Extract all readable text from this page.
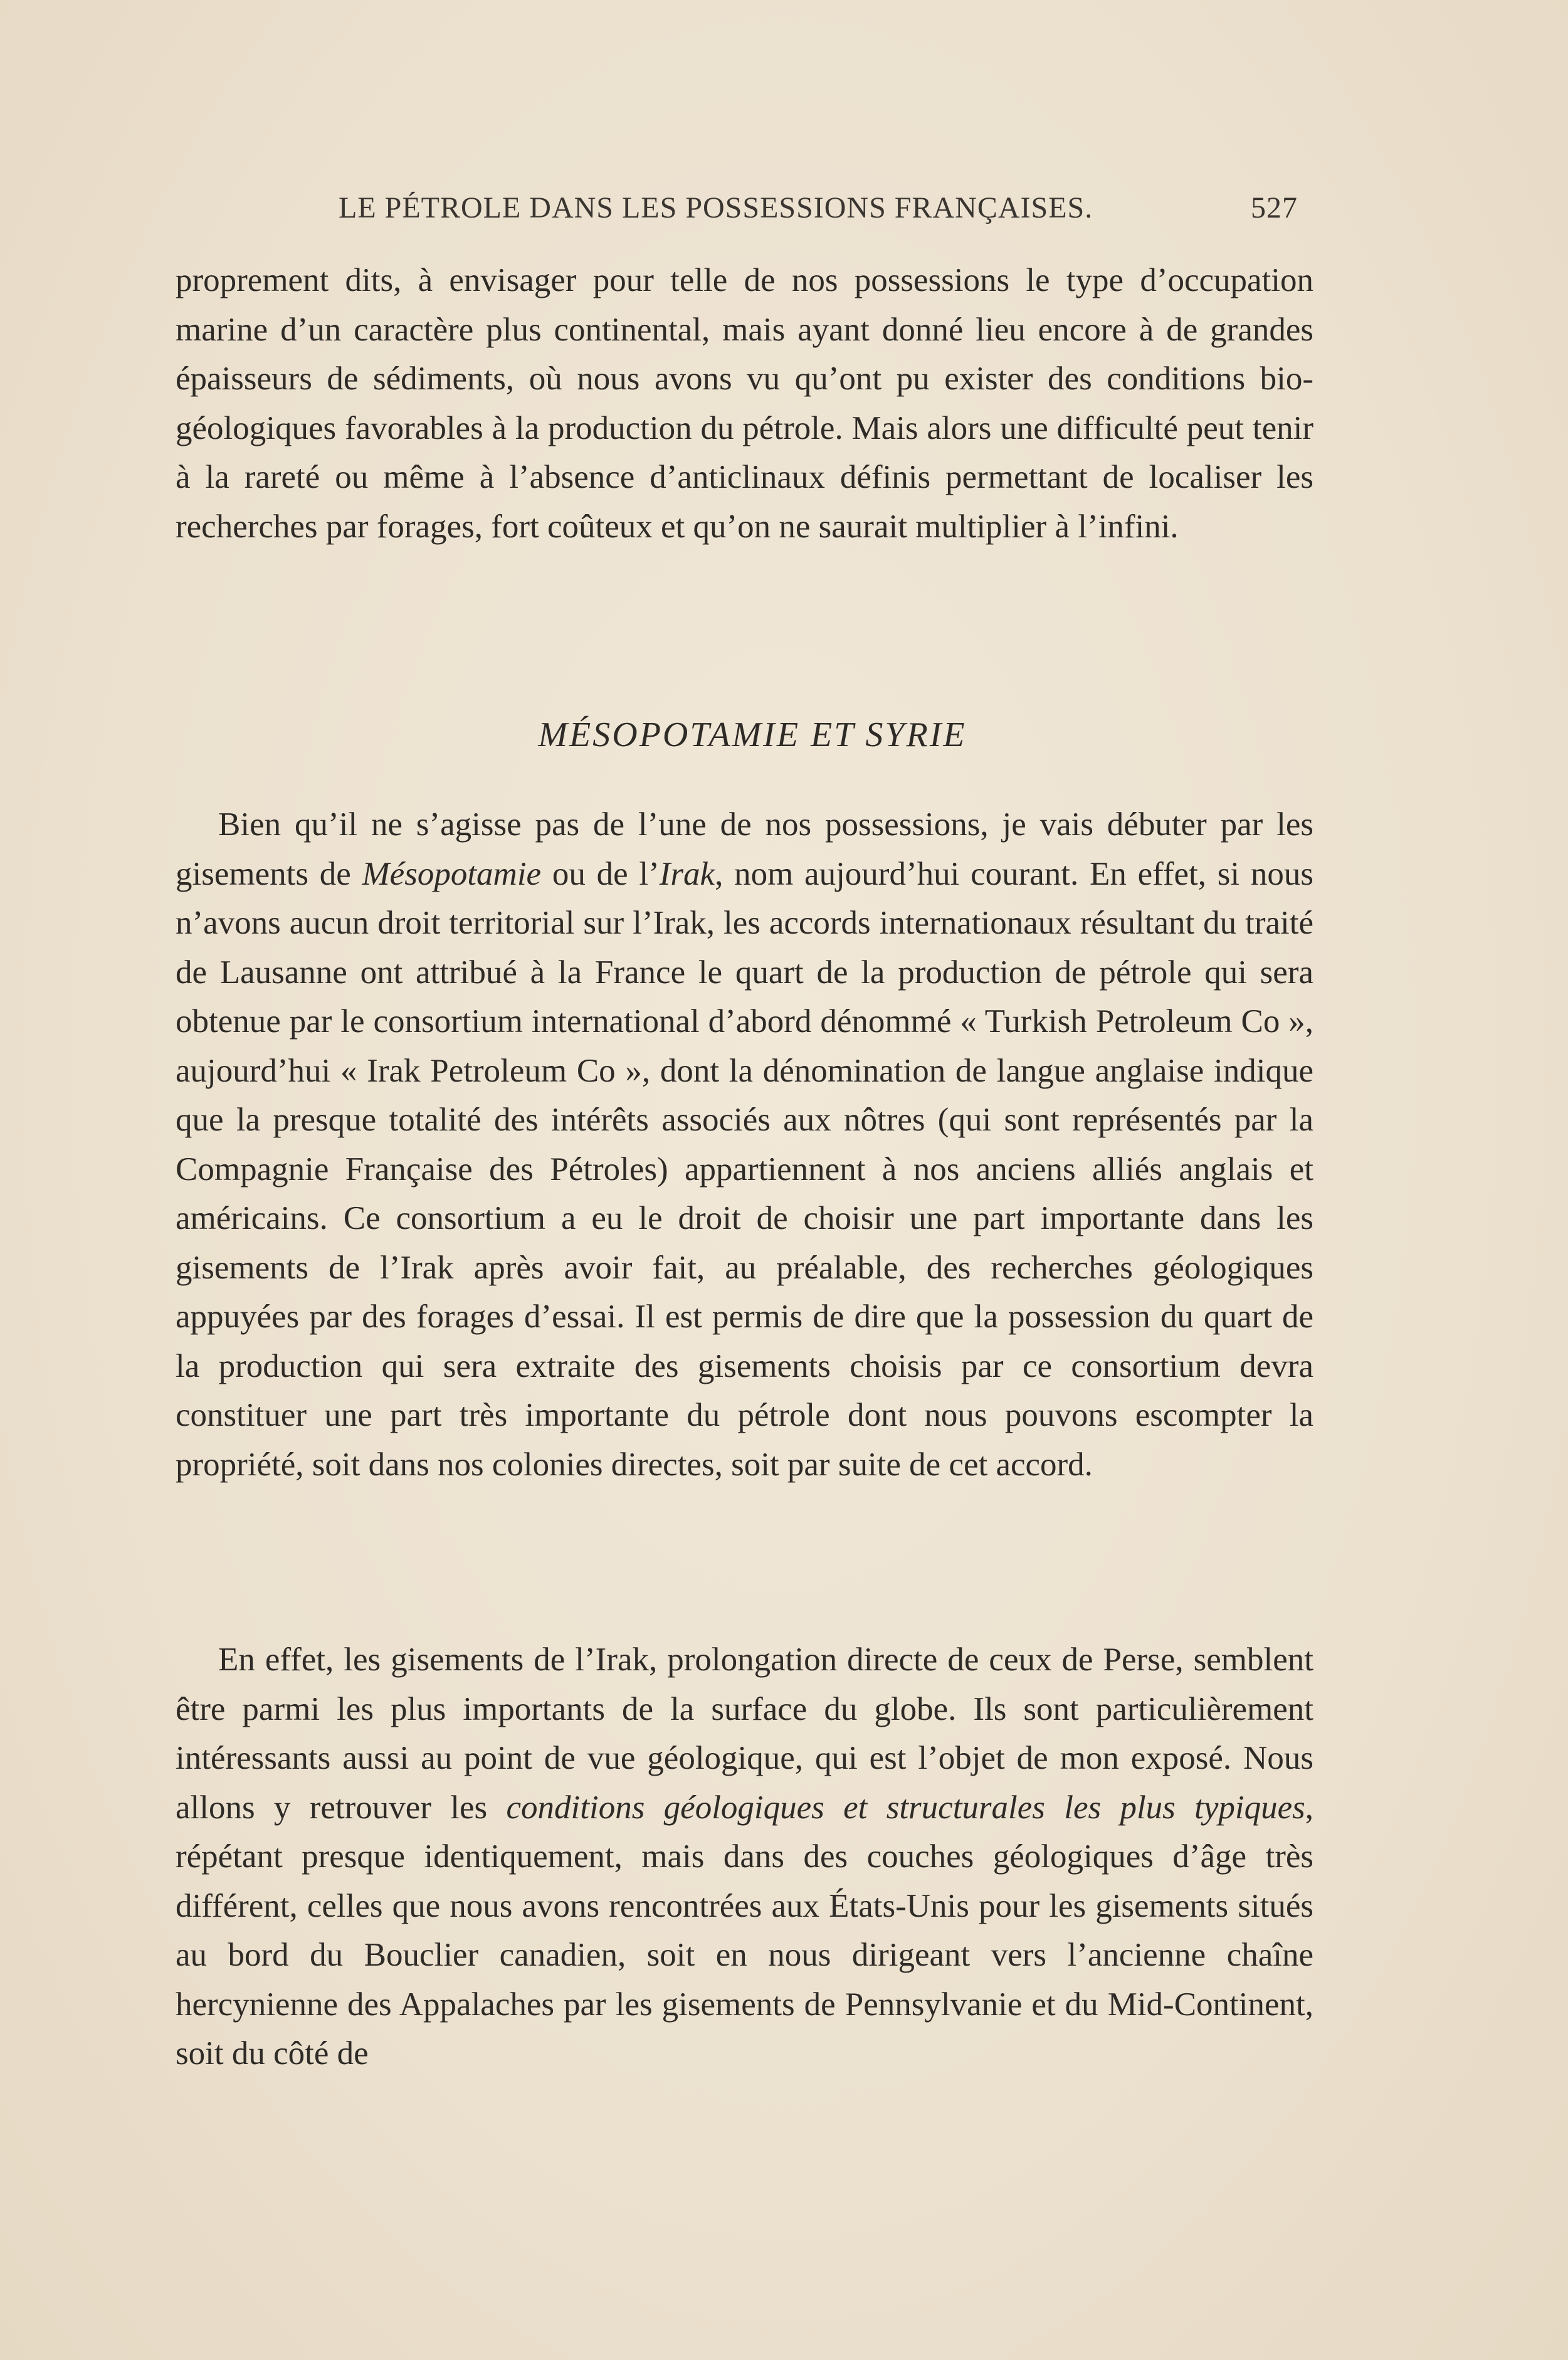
LE PÉTROLE DANS LES POSSESSIONS FRANÇAISES.	527

proprement dits, à envisager pour telle de nos possessions le type d’occupation marine d’un caractère plus continental, mais ayant donné lieu encore à de grandes épaisseurs de sédiments, où nous avons vu qu’ont pu exister des conditions bio-géologiques favorables à la production du pétrole. Mais alors une difficulté peut tenir à la rareté ou même à l’absence d’anticlinaux définis permettant de localiser les recherches par forages, fort coûteux et qu’on ne saurait multiplier à l’infini.

MÉSOPOTAMIE ET SYRIE

Bien qu’il ne s’agisse pas de l’une de nos possessions, je vais débuter par les gisements de Mésopotamie ou de l’Irak, nom aujourd’hui courant. En effet, si nous n’avons aucun droit territorial sur l’Irak, les accords internationaux résultant du traité de Lausanne ont attribué à la France le quart de la production de pétrole qui sera obtenue par le consortium international d’abord dénommé « Turkish Petroleum Co », aujourd’hui « Irak Petroleum Co », dont la dénomination de langue anglaise indique que la presque totalité des intérêts associés aux nôtres (qui sont représentés par la Compagnie Française des Pétroles) appartiennent à nos anciens alliés anglais et américains. Ce consortium a eu le droit de choisir une part importante dans les gisements de l’Irak après avoir fait, au préalable, des recherches géologiques appuyées par des forages d’essai. Il est permis de dire que la possession du quart de la production qui sera extraite des gisements choisis par ce consortium devra constituer une part très importante du pétrole dont nous pouvons escompter la propriété, soit dans nos colonies directes, soit par suite de cet accord.

En effet, les gisements de l’Irak, prolongation directe de ceux de Perse, semblent être parmi les plus importants de la surface du globe. Ils sont particulièrement intéressants aussi au point de vue géologique, qui est l’objet de mon exposé. Nous allons y retrouver les conditions géologiques et structurales les plus typiques, répétant presque identiquement, mais dans des couches géologiques d’âge très différent, celles que nous avons rencontrées aux États-Unis pour les gisements situés au bord du Bouclier canadien, soit en nous dirigeant vers l’ancienne chaîne hercynienne des Appalaches par les gisements de Pennsylvanie et du Mid-Continent, soit du côté de
